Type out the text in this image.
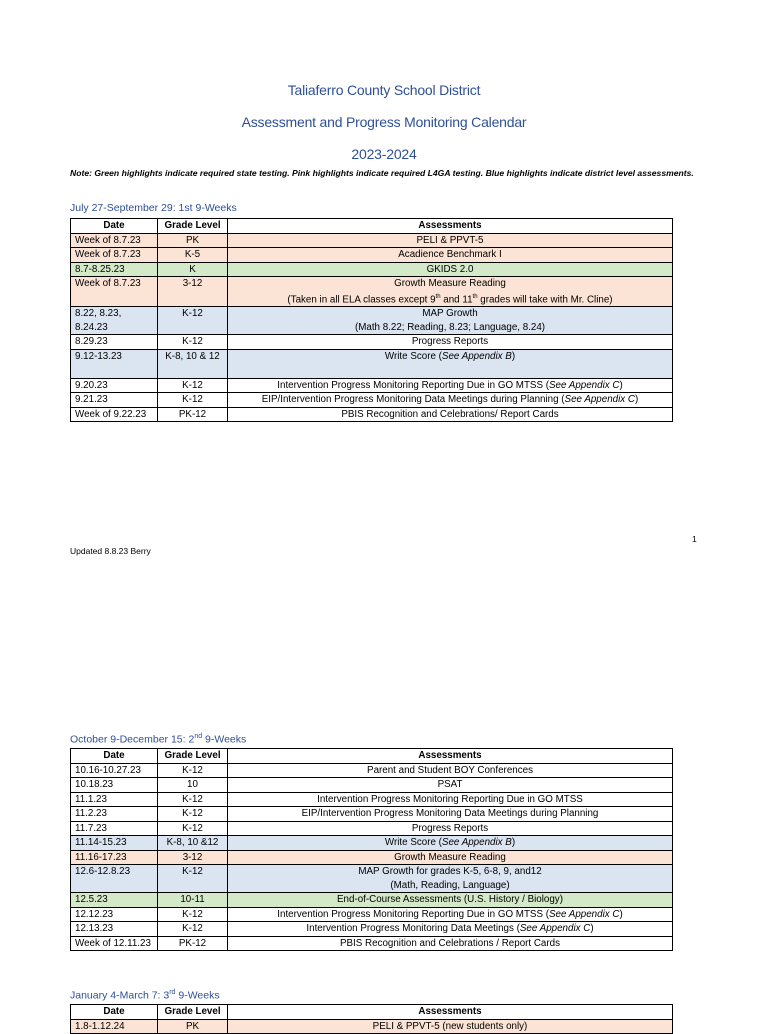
Taliaferro County School District
Assessment and Progress Monitoring Calendar
2023-2024
Note: Green highlights indicate required state testing. Pink highlights indicate required L4GA testing. Blue highlights indicate district level assessments.
July 27-September 29: 1st 9-Weeks
Date	Grade Level	Assessments
Week of 8.7.23	PK	PELI & PPVT-5
Week of 8.7.23	K-5	Acadience Benchmark I
8.7-8.25.23	K	GKIDS 2.0
Week of 8.7.23	3-12	Growth Measure Reading
(Taken in all ELA classes except 9th and 11th grades will take with Mr. Cline)

8.22, 8.23, 8.24.23	K-12	MAP Growth
(Math 8.22; Reading, 8.23; Language, 8.24)

8.29.23	K-12	Progress Reports
9.12-13.23	K-8, 10 & 12	Write Score (See Appendix B)
9.20.23	K-12	Intervention Progress Monitoring Reporting Due in GO MTSS (See Appendix C)
9.21.23	K-12	EIP/Intervention Progress Monitoring Data Meetings during Planning (See Appendix C)
Week of 9.22.23	PK-12	PBIS Recognition and Celebrations/ Report Cards
1
Updated 8.8.23 Berry
October 9-December 15: 2nd 9-Weeks
Date	Grade Level	Assessments
10.16-10.27.23	K-12	Parent and Student BOY Conferences
10.18.23	10	PSAT
11.1.23	K-12	Intervention Progress Monitoring Reporting Due in GO MTSS
11.2.23	K-12	EIP/Intervention Progress Monitoring Data Meetings during Planning
11.7.23	K-12	Progress Reports
11.14-15.23	K-8, 10 &12	Write Score (See Appendix B)
11.16-17.23	3-12	Growth Measure Reading
12.6-12.8.23	K-12	MAP Growth for grades K-5, 6-8, 9, and12
(Math, Reading, Language)

12.5.23	10-11	End-of-Course Assessments (U.S. History / Biology)
12.12.23	K-12	Intervention Progress Monitoring Reporting Due in GO MTSS (See Appendix C)
12.13.23	K-12	Intervention Progress Monitoring Data Meetings (See Appendix C)
Week of 12.11.23	PK-12	PBIS Recognition and Celebrations / Report Cards
January 4-March 7: 3rd 9-Weeks
Date	Grade Level	Assessments
1.8-1.12.24	PK	PELI & PPVT-5 (new students only)
